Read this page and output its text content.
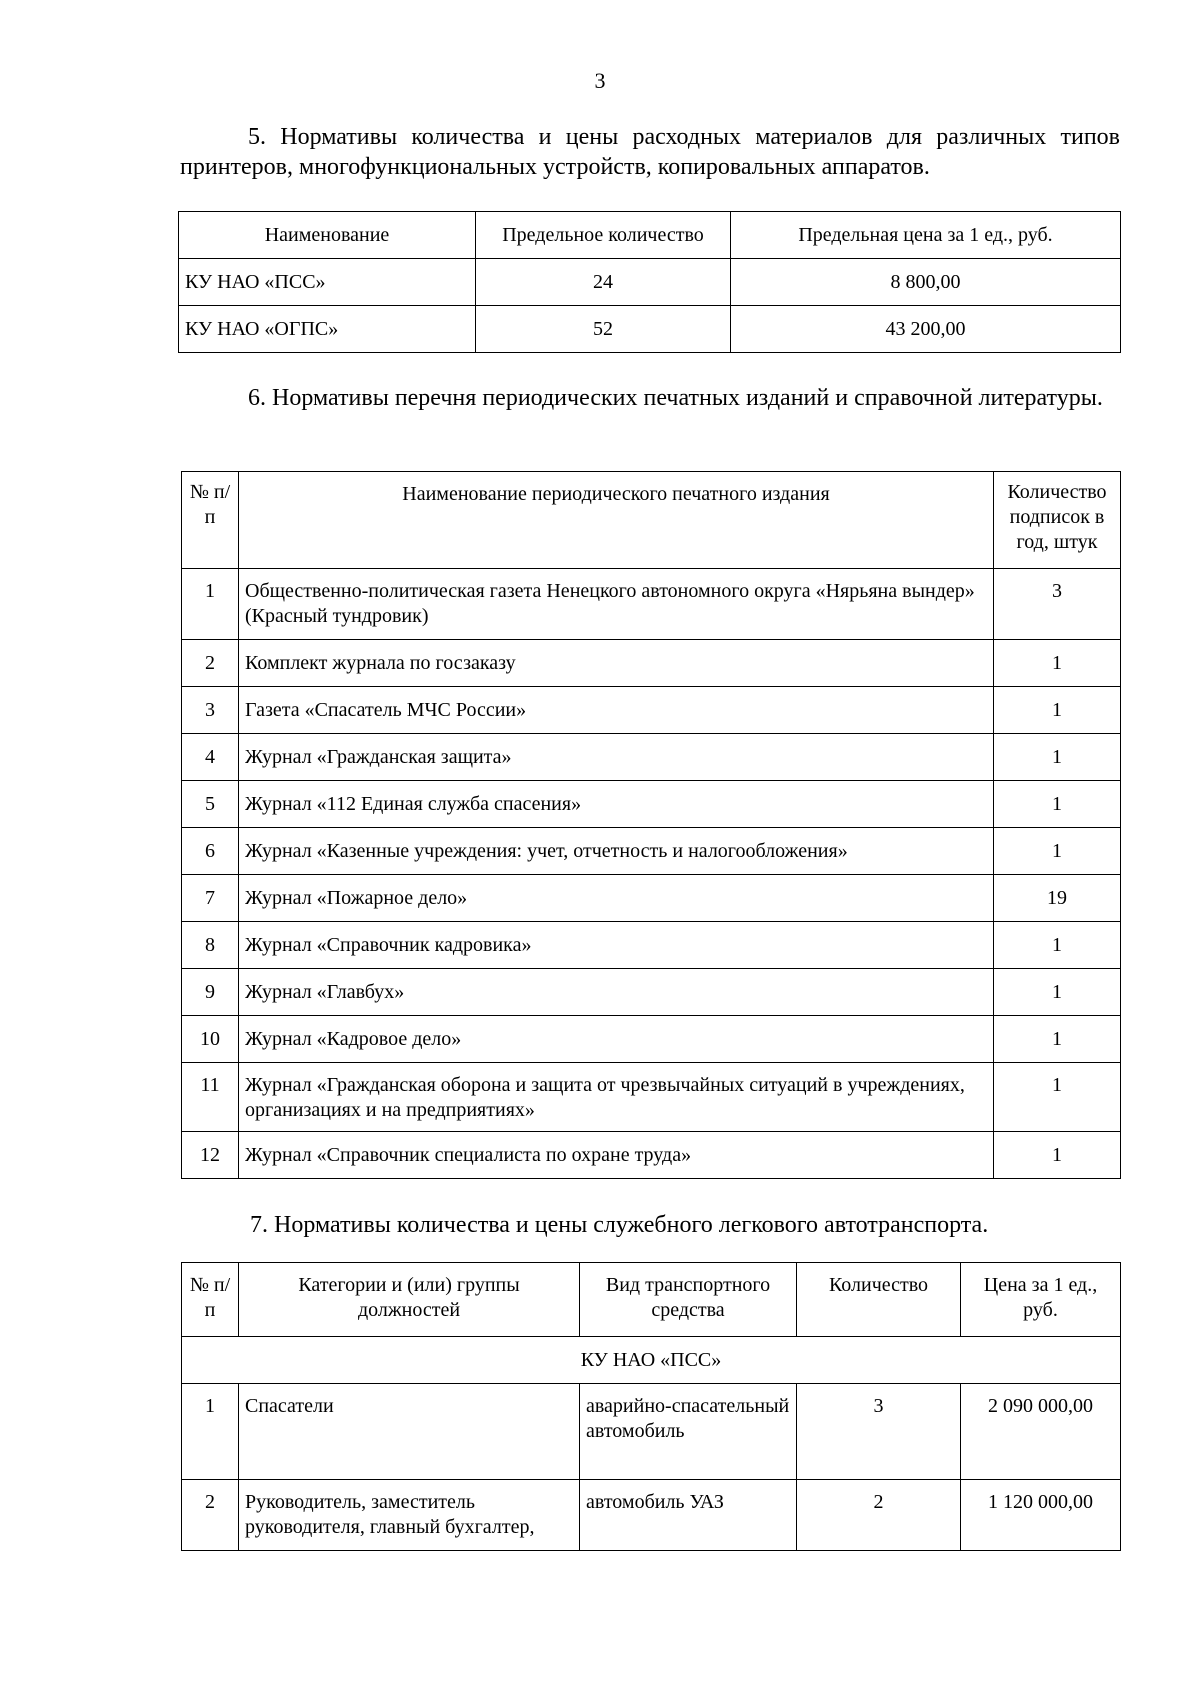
3
5. Нормативы количества и цены расходных материалов для различных типов принтеров, многофункциональных устройств, копировальных аппаратов.
Наименование	Предельное количество	Предельная цена за 1 ед., руб.
КУ НАО «ПСС»	24	8 800,00
КУ НАО «ОГПС»	52	43 200,00
6. Нормативы перечня периодических печатных изданий и справочной литературы.
№ п/п	Наименование периодического печатного издания	Количество подписок в год, штук
1	Общественно-политическая газета Ненецкого автономного округа «Нярьяна вындер» (Красный тундровик)	3
2	Комплект журнала по госзаказу	1
3	Газета «Спасатель МЧС России»	1
4	Журнал «Гражданская защита»	1
5	Журнал «112 Единая служба спасения»	1
6	Журнал «Казенные учреждения: учет, отчетность и налогообложения»	1
7	Журнал «Пожарное дело»	19
8	Журнал «Справочник кадровика»	1
9	Журнал «Главбух»	1
10	Журнал «Кадровое дело»	1
11	Журнал «Гражданская оборона и защита от чрезвычайных ситуаций в учреждениях, организациях и на предприятиях»	1
12	Журнал «Справочник специалиста по охране труда»	1
7. Нормативы количества и цены служебного легкового автотранспорта.
№ п/п	Категории и (или) группы должностей	Вид транспортного средства	Количество	Цена за 1 ед., руб.
КУ НАО «ПСС»				
1	Спасатели	аварийно-спасательный автомобиль	3	2 090 000,00
2	Руководитель, заместитель руководителя, главный бухгалтер,	автомобиль УАЗ	2	1 120 000,00
